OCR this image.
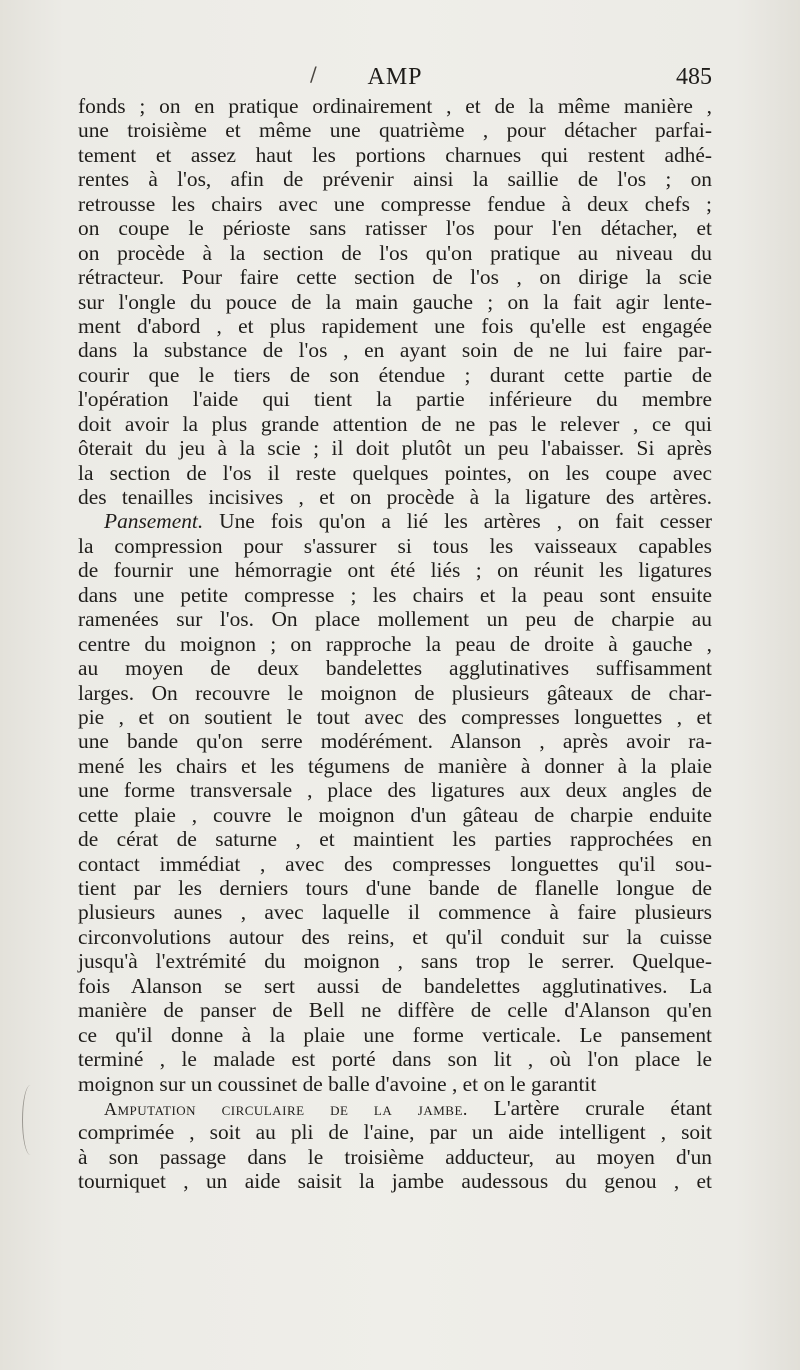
/	AMP	485
fonds ; on en pratique ordinairement , et de la même manière ,
une troisième et même une quatrième , pour détacher parfai-
tement et assez haut les portions charnues qui restent adhé-
rentes à l'os, afin de prévenir ainsi la saillie de l'os ; on
retrousse les chairs avec une compresse fendue à deux chefs ;
on coupe le périoste sans ratisser l'os pour l'en détacher, et
on procède à la section de l'os qu'on pratique au niveau du
rétracteur. Pour faire cette section de l'os , on dirige la scie
sur l'ongle du pouce de la main gauche ; on la fait agir lente-
ment d'abord , et plus rapidement une fois qu'elle est engagée
dans la substance de l'os , en ayant soin de ne lui faire par-
courir que le tiers de son étendue ; durant cette partie de
l'opération l'aide qui tient la partie inférieure du membre
doit avoir la plus grande attention de ne pas le relever , ce qui
ôterait du jeu à la scie ; il doit plutôt un peu l'abaisser. Si après
la section de l'os il reste quelques pointes, on les coupe avec
des tenailles incisives , et on procède à la ligature des artères.
Pansement. Une fois qu'on a lié les artères , on fait cesser
la compression pour s'assurer si tous les vaisseaux capables
de fournir une hémorragie ont été liés ; on réunit les ligatures
dans une petite compresse ; les chairs et la peau sont ensuite
ramenées sur l'os. On place mollement un peu de charpie au
centre du moignon ; on rapproche la peau de droite à gauche ,
au moyen de deux bandelettes agglutinatives suffisamment
larges. On recouvre le moignon de plusieurs gâteaux de char-
pie , et on soutient le tout avec des compresses longuettes , et
une bande qu'on serre modérément. Alanson , après avoir ra-
mené les chairs et les tégumens de manière à donner à la plaie
une forme transversale , place des ligatures aux deux angles de
cette plaie , couvre le moignon d'un gâteau de charpie enduite
de cérat de saturne , et maintient les parties rapprochées en
contact immédiat , avec des compresses longuettes qu'il sou-
tient par les derniers tours d'une bande de flanelle longue de
plusieurs aunes , avec laquelle il commence à faire plusieurs
circonvolutions autour des reins, et qu'il conduit sur la cuisse
jusqu'à l'extrémité du moignon , sans trop le serrer. Quelque-
fois Alanson se sert aussi de bandelettes agglutinatives. La
manière de panser de Bell ne diffère de celle d'Alanson qu'en
ce qu'il donne à la plaie une forme verticale. Le pansement
terminé , le malade est porté dans son lit , où l'on place le
moignon sur un coussinet de balle d'avoine , et on le garantit
Amputation circulaire de la jambe. L'artère crurale étant
comprimée , soit au pli de l'aine, par un aide intelligent , soit
à son passage dans le troisième adducteur, au moyen d'un
tourniquet , un aide saisit la jambe audessous du genou , et
